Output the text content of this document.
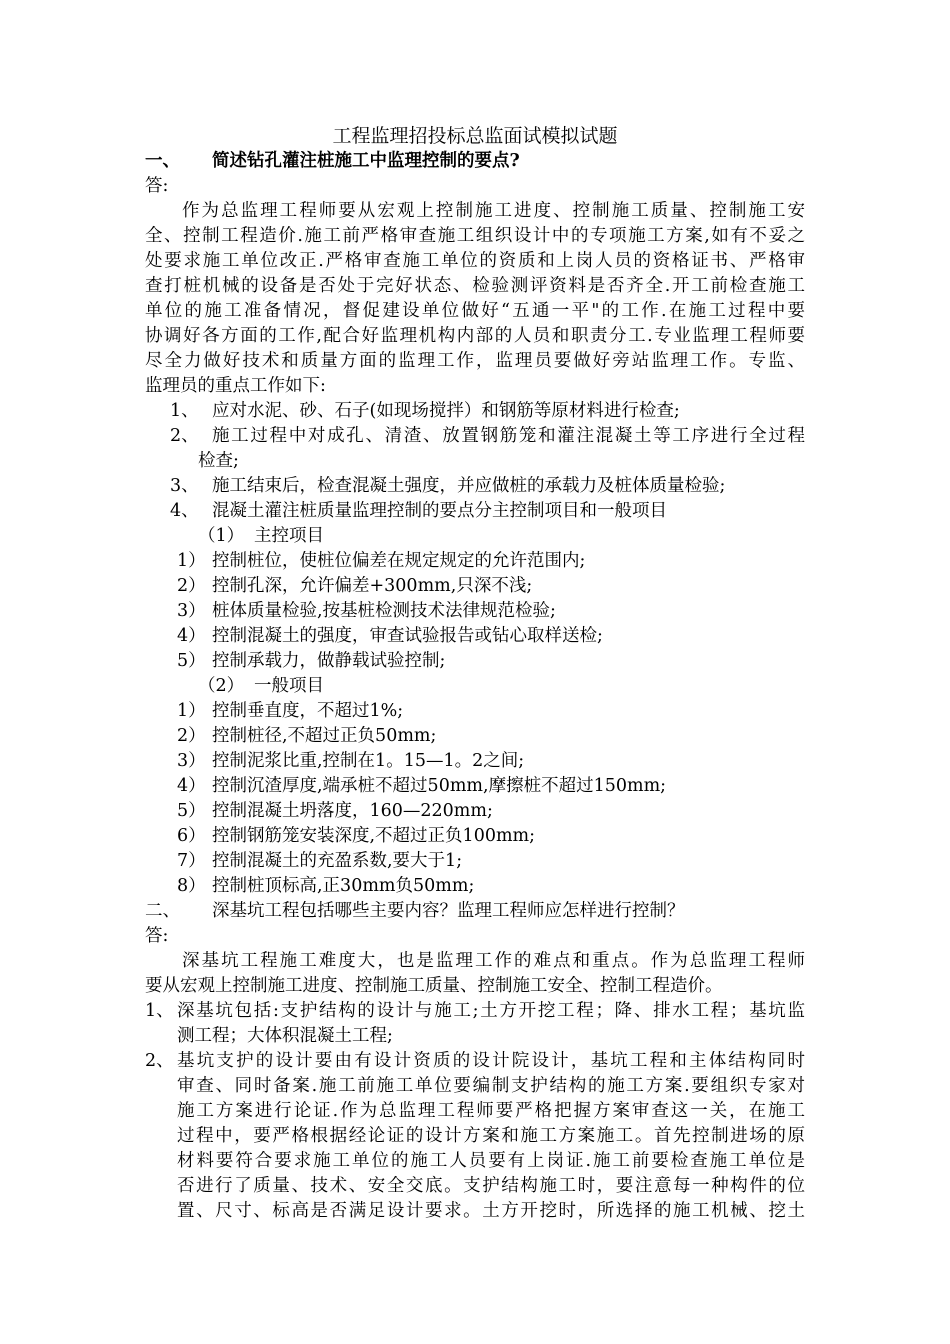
工程监理招投标总监面试模拟试题
一、 简述钻孔灌注桩施工中监理控制的要点?
答:
作为总监理工程师要从宏观上控制施工进度、控制施工质量、控制施工安
全、控制工程造价.施工前严格审查施工组织设计中的专项施工方案,如有不妥之
处要求施工单位改正.严格审查施工单位的资质和上岗人员的资格证书、严格审
查打桩机械的设备是否处于完好状态、检验测评资料是否齐全.开工前检查施工
单位的施工准备情况，督促建设单位做好“五通一平"的工作.在施工过程中要
协调好各方面的工作,配合好监理机构内部的人员和职责分工.专业监理工程师要
尽全力做好技术和质量方面的监理工作，监理员要做好旁站监理工作。专监、
监理员的重点工作如下:
1、 应对水泥、砂、石子(如现场搅拌）和钢筋等原材料进行检查;
2、 施工过程中对成孔、清渣、放置钢筋笼和灌注混凝土等工序进行全过程
检查;
3、 施工结束后，检查混凝土强度，并应做桩的承载力及桩体质量检验;
4、 混凝土灌注桩质量监理控制的要点分主控制项目和一般项目
（1） 主控项目
1） 控制桩位，使桩位偏差在规定规定的允许范围内;
2） 控制孔深，允许偏差+300mm,只深不浅;
3） 桩体质量检验,按基桩检测技术法律规范检验;
4） 控制混凝土的强度，审查试验报告或钻心取样送检;
5） 控制承载力，做静载试验控制;
（2） 一般项目
1） 控制垂直度，不超过1%;
2） 控制桩径,不超过正负50mm;
3） 控制泥浆比重,控制在1。15—1。2之间;
4） 控制沉渣厚度,端承桩不超过50mm,摩擦桩不超过150mm;
5） 控制混凝土坍落度，160—220mm;
6） 控制钢筋笼安装深度,不超过正负100mm;
7） 控制混凝土的充盈系数,要大于1;
8） 控制桩顶标高,正30mm负50mm;
二、 深基坑工程包括哪些主要内容？监理工程师应怎样进行控制？
答:
深基坑工程施工难度大，也是监理工作的难点和重点。作为总监理工程师
要从宏观上控制施工进度、控制施工质量、控制施工安全、控制工程造价。
1、 深基坑包括:支护结构的设计与施工;土方开挖工程；降、排水工程；基坑监
测工程；大体积混凝土工程;
2、 基坑支护的设计要由有设计资质的设计院设计，基坑工程和主体结构同时
审查、同时备案.施工前施工单位要编制支护结构的施工方案.要组织专家对
施工方案进行论证.作为总监理工程师要严格把握方案审查这一关，在施工
过程中，要严格根据经论证的设计方案和施工方案施工。首先控制进场的原
材料要符合要求施工单位的施工人员要有上岗证.施工前要检查施工单位是
否进行了质量、技术、安全交底。支护结构施工时，要注意每一种构件的位
置、尺寸、标高是否满足设计要求。土方开挖时，所选择的施工机械、挖土
